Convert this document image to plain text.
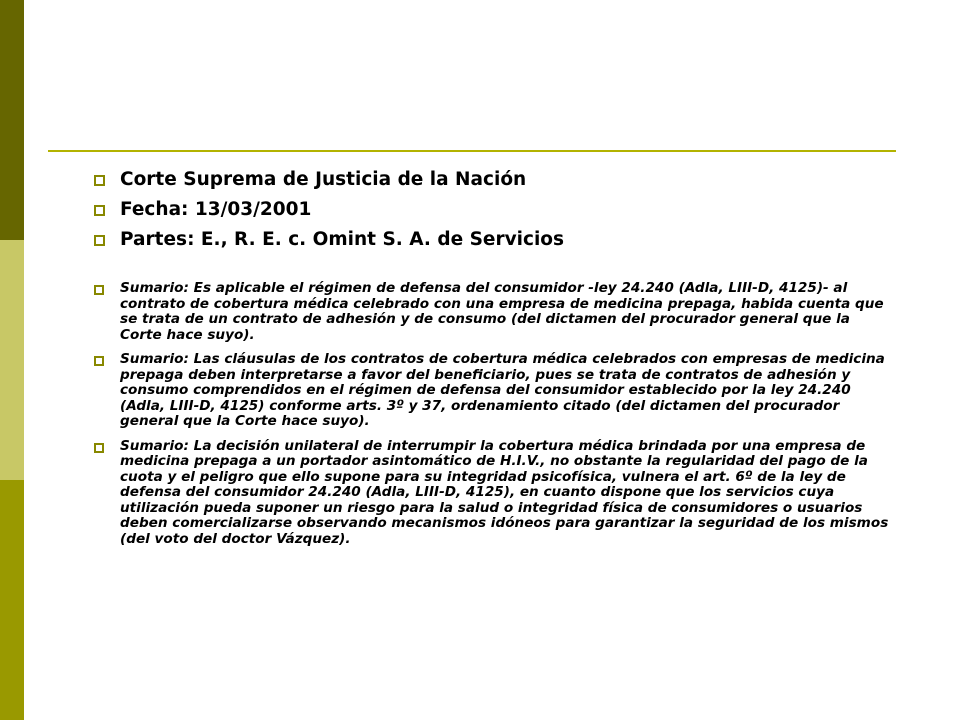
Corte Suprema de Justicia de la Nación
Fecha: 13/03/2001
Partes: E., R. E. c. Omint S. A. de Servicios
Sumario: Es aplicable el régimen de defensa del consumidor -ley 24.240 (Adla, LIII-D, 4125)- al contrato de cobertura médica celebrado con una empresa de medicina prepaga, habida cuenta que se trata de un contrato de adhesión y de consumo (del dictamen del procurador general que la Corte hace suyo).
Sumario: Las cláusulas de los contratos de cobertura médica celebrados con empresas de medicina prepaga deben interpretarse a favor del beneficiario, pues se trata de contratos de adhesión y consumo comprendidos en el régimen de defensa del consumidor establecido por la ley 24.240 (Adla, LIII-D, 4125) conforme arts. 3º y 37, ordenamiento citado (del dictamen del procurador general que la Corte hace suyo).
Sumario: La decisión unilateral de interrumpir la cobertura médica brindada por una empresa de medicina prepaga a un portador asintomático de H.I.V., no obstante la regularidad del pago de la cuota y el peligro que ello supone para su integridad psicofísica, vulnera el art. 6º de la ley de defensa del consumidor 24.240 (Adla, LIII-D, 4125), en cuanto dispone que los servicios cuya utilización pueda suponer un riesgo para la salud o integridad física de consumidores o usuarios deben comercializarse observando mecanismos idóneos para garantizar la seguridad de los mismos (del voto del doctor Vázquez).
